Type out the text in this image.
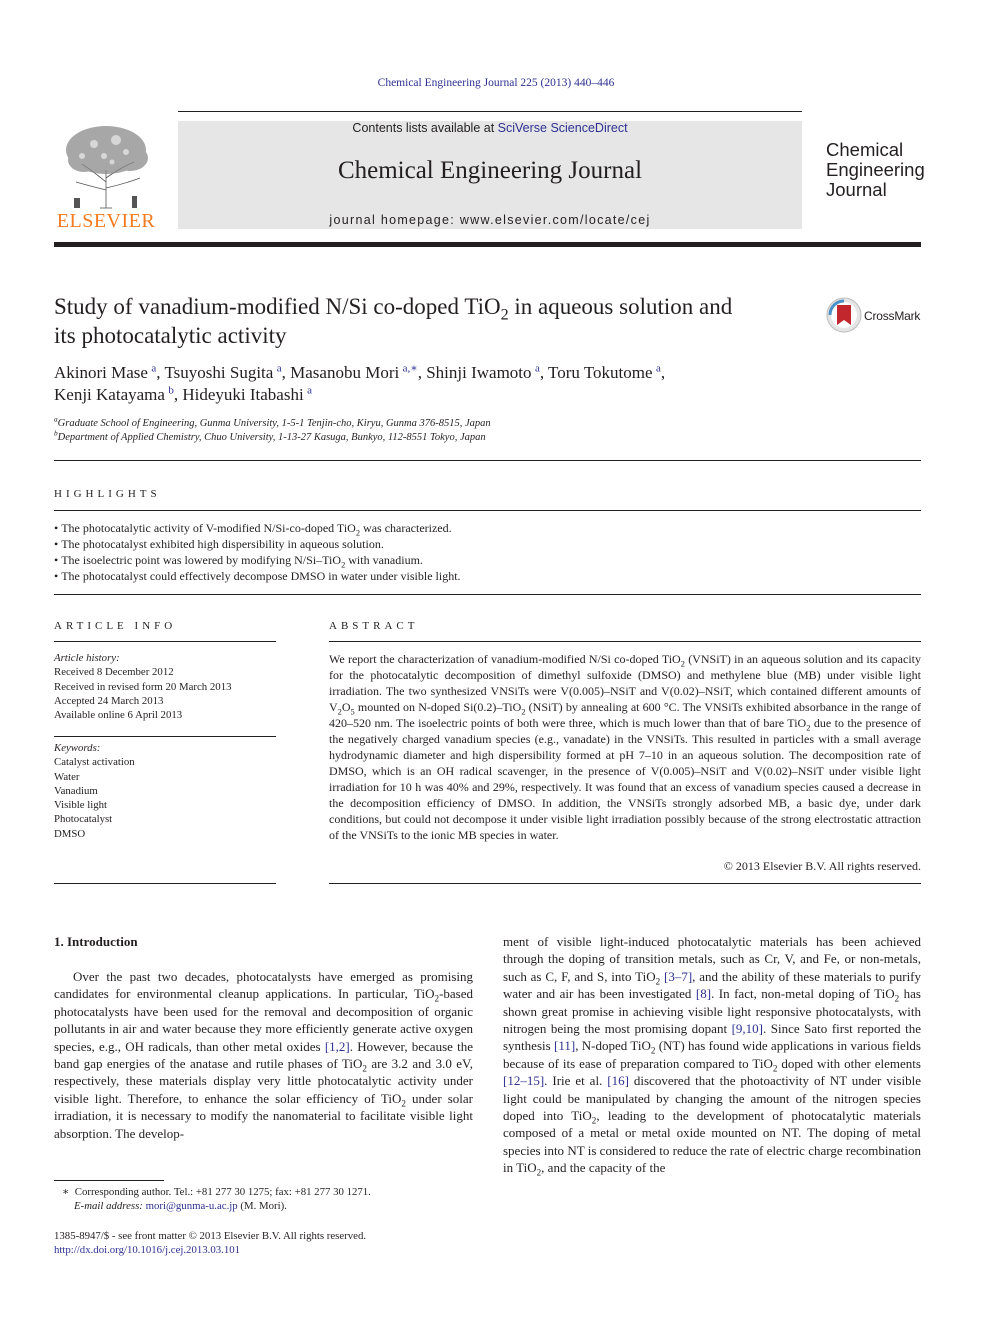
Chemical Engineering Journal 225 (2013) 440–446
ELSEVIER
Contents lists available at SciVerse ScienceDirect
Chemical Engineering Journal
journal homepage: www.elsevier.com/locate/cej
Chemical
Engineering
Journal
Study of vanadium-modified N/Si co-doped TiO$_2$ in aqueous solution and
its photocatalytic activity
CrossMark
Akinori Mase  $^a$, Tsuyoshi Sugita  $^a$, Masanobu Mori  $^{a,∗}$, Shinji Iwamoto  $^a$, Toru Tokutome  $^a$,
Kenji Katayama  $^b$, Hideyuki Itabashi  $^a$
$^a$Graduate School of Engineering, Gunma University, 1-5-1 Tenjin-cho, Kiryu, Gunma 376-8515, Japan
$^b$Department of Applied Chemistry, Chuo University, 1-13-27 Kasuga, Bunkyo, 112-8551 Tokyo, Japan
HIGHLIGHTS
• The photocatalytic activity of V-modified N/Si-co-doped TiO$_2$ was characterized.
• The photocatalyst exhibited high dispersibility in aqueous solution.
• The isoelectric point was lowered by modifying N/Si–TiO$_2$ with vanadium.
• The photocatalyst could effectively decompose DMSO in water under visible light.
ARTICLE INFO
Article history:
Received 8 December 2012
Received in revised form 20 March 2013
Accepted 24 March 2013
Available online 6 April 2013
Keywords:
Catalyst activation
Water
Vanadium
Visible light
Photocatalyst
DMSO
ABSTRACT
We report the characterization of vanadium-modified N/Si co-doped TiO$_2$ (VNSiT) in an aqueous solution and its capacity for the photocatalytic decomposition of dimethyl sulfoxide (DMSO) and methylene blue (MB) under visible light irradiation. The two synthesized VNSiTs were V(0.005)–NSiT and V(0.02)–NSiT, which contained different amounts of $V_2O_5$ mounted on N-doped Si(0.2)–TiO$_2$ (NSiT) by annealing at 600 °C. The VNSiTs exhibited absorbance in the range of 420–520 nm. The isoelectric points of both were three, which is much lower than that of bare TiO$_2$ due to the presence of the negatively charged vanadium species (e.g., vanadate) in the VNSiTs. This resulted in particles with a small average hydrodynamic diameter and high dispersibility formed at pH 7–10 in an aqueous solution. The decomposition rate of DMSO, which is an OH radical scavenger, in the presence of V(0.005)–NSiT and V(0.02)–NSiT under visible light irradiation for 10 h was 40% and 29%, respectively. It was found that an excess of vanadium species caused a decrease in the decomposition efficiency of DMSO. In addition, the VNSiTs strongly adsorbed MB, a basic dye, under dark conditions, but could not decompose it under visible light irradiation possibly because of the strong electrostatic attraction of the VNSiTs to the ionic MB species in water.
© 2013 Elsevier B.V. All rights reserved.
1. Introduction
Over the past two decades, photocatalysts have emerged as promising candidates for environmental cleanup applications. In particular, TiO$_2$-based photocatalysts have been used for the removal and decomposition of organic pollutants in air and water because they more efficiently generate active oxygen species, e.g., OH radicals, than other metal oxides [1,2]. However, because the band gap energies of the anatase and rutile phases of TiO$_2$ are 3.2 and 3.0 eV, respectively, these materials display very little photocatalytic activity under visible light. Therefore, to enhance the solar efficiency of TiO$_2$ under solar irradiation, it is necessary to modify the nanomaterial to facilitate visible light absorption. The develop-
ment of visible light-induced photocatalytic materials has been achieved through the doping of transition metals, such as Cr, V, and Fe, or non-metals, such as C, F, and S, into TiO$_2$ [3–7], and the ability of these materials to purify water and air has been investigated [8]. In fact, non-metal doping of TiO$_2$ has shown great promise in achieving visible light responsive photocatalysts, with nitrogen being the most promising dopant [9,10]. Since Sato first reported the synthesis [11], N-doped TiO$_2$ (NT) has found wide applications in various fields because of its ease of preparation compared to TiO$_2$ doped with other elements [12–15]. Irie et al. [16] discovered that the photoactivity of NT under visible light could be manipulated by changing the amount of the nitrogen species doped into TiO$_2$, leading to the development of photocatalytic materials composed of a metal or metal oxide mounted on NT. The doping of metal species into NT is considered to reduce the rate of electric charge recombination in TiO$_2$, and the capacity of the
∗ Corresponding author. Tel.: +81 277 30 1275; fax: +81 277 30 1271.
E-mail address: mori@gunma-u.ac.jp (M. Mori).
1385-8947/$ - see front matter © 2013 Elsevier B.V. All rights reserved.
http://dx.doi.org/10.1016/j.cej.2013.03.101
